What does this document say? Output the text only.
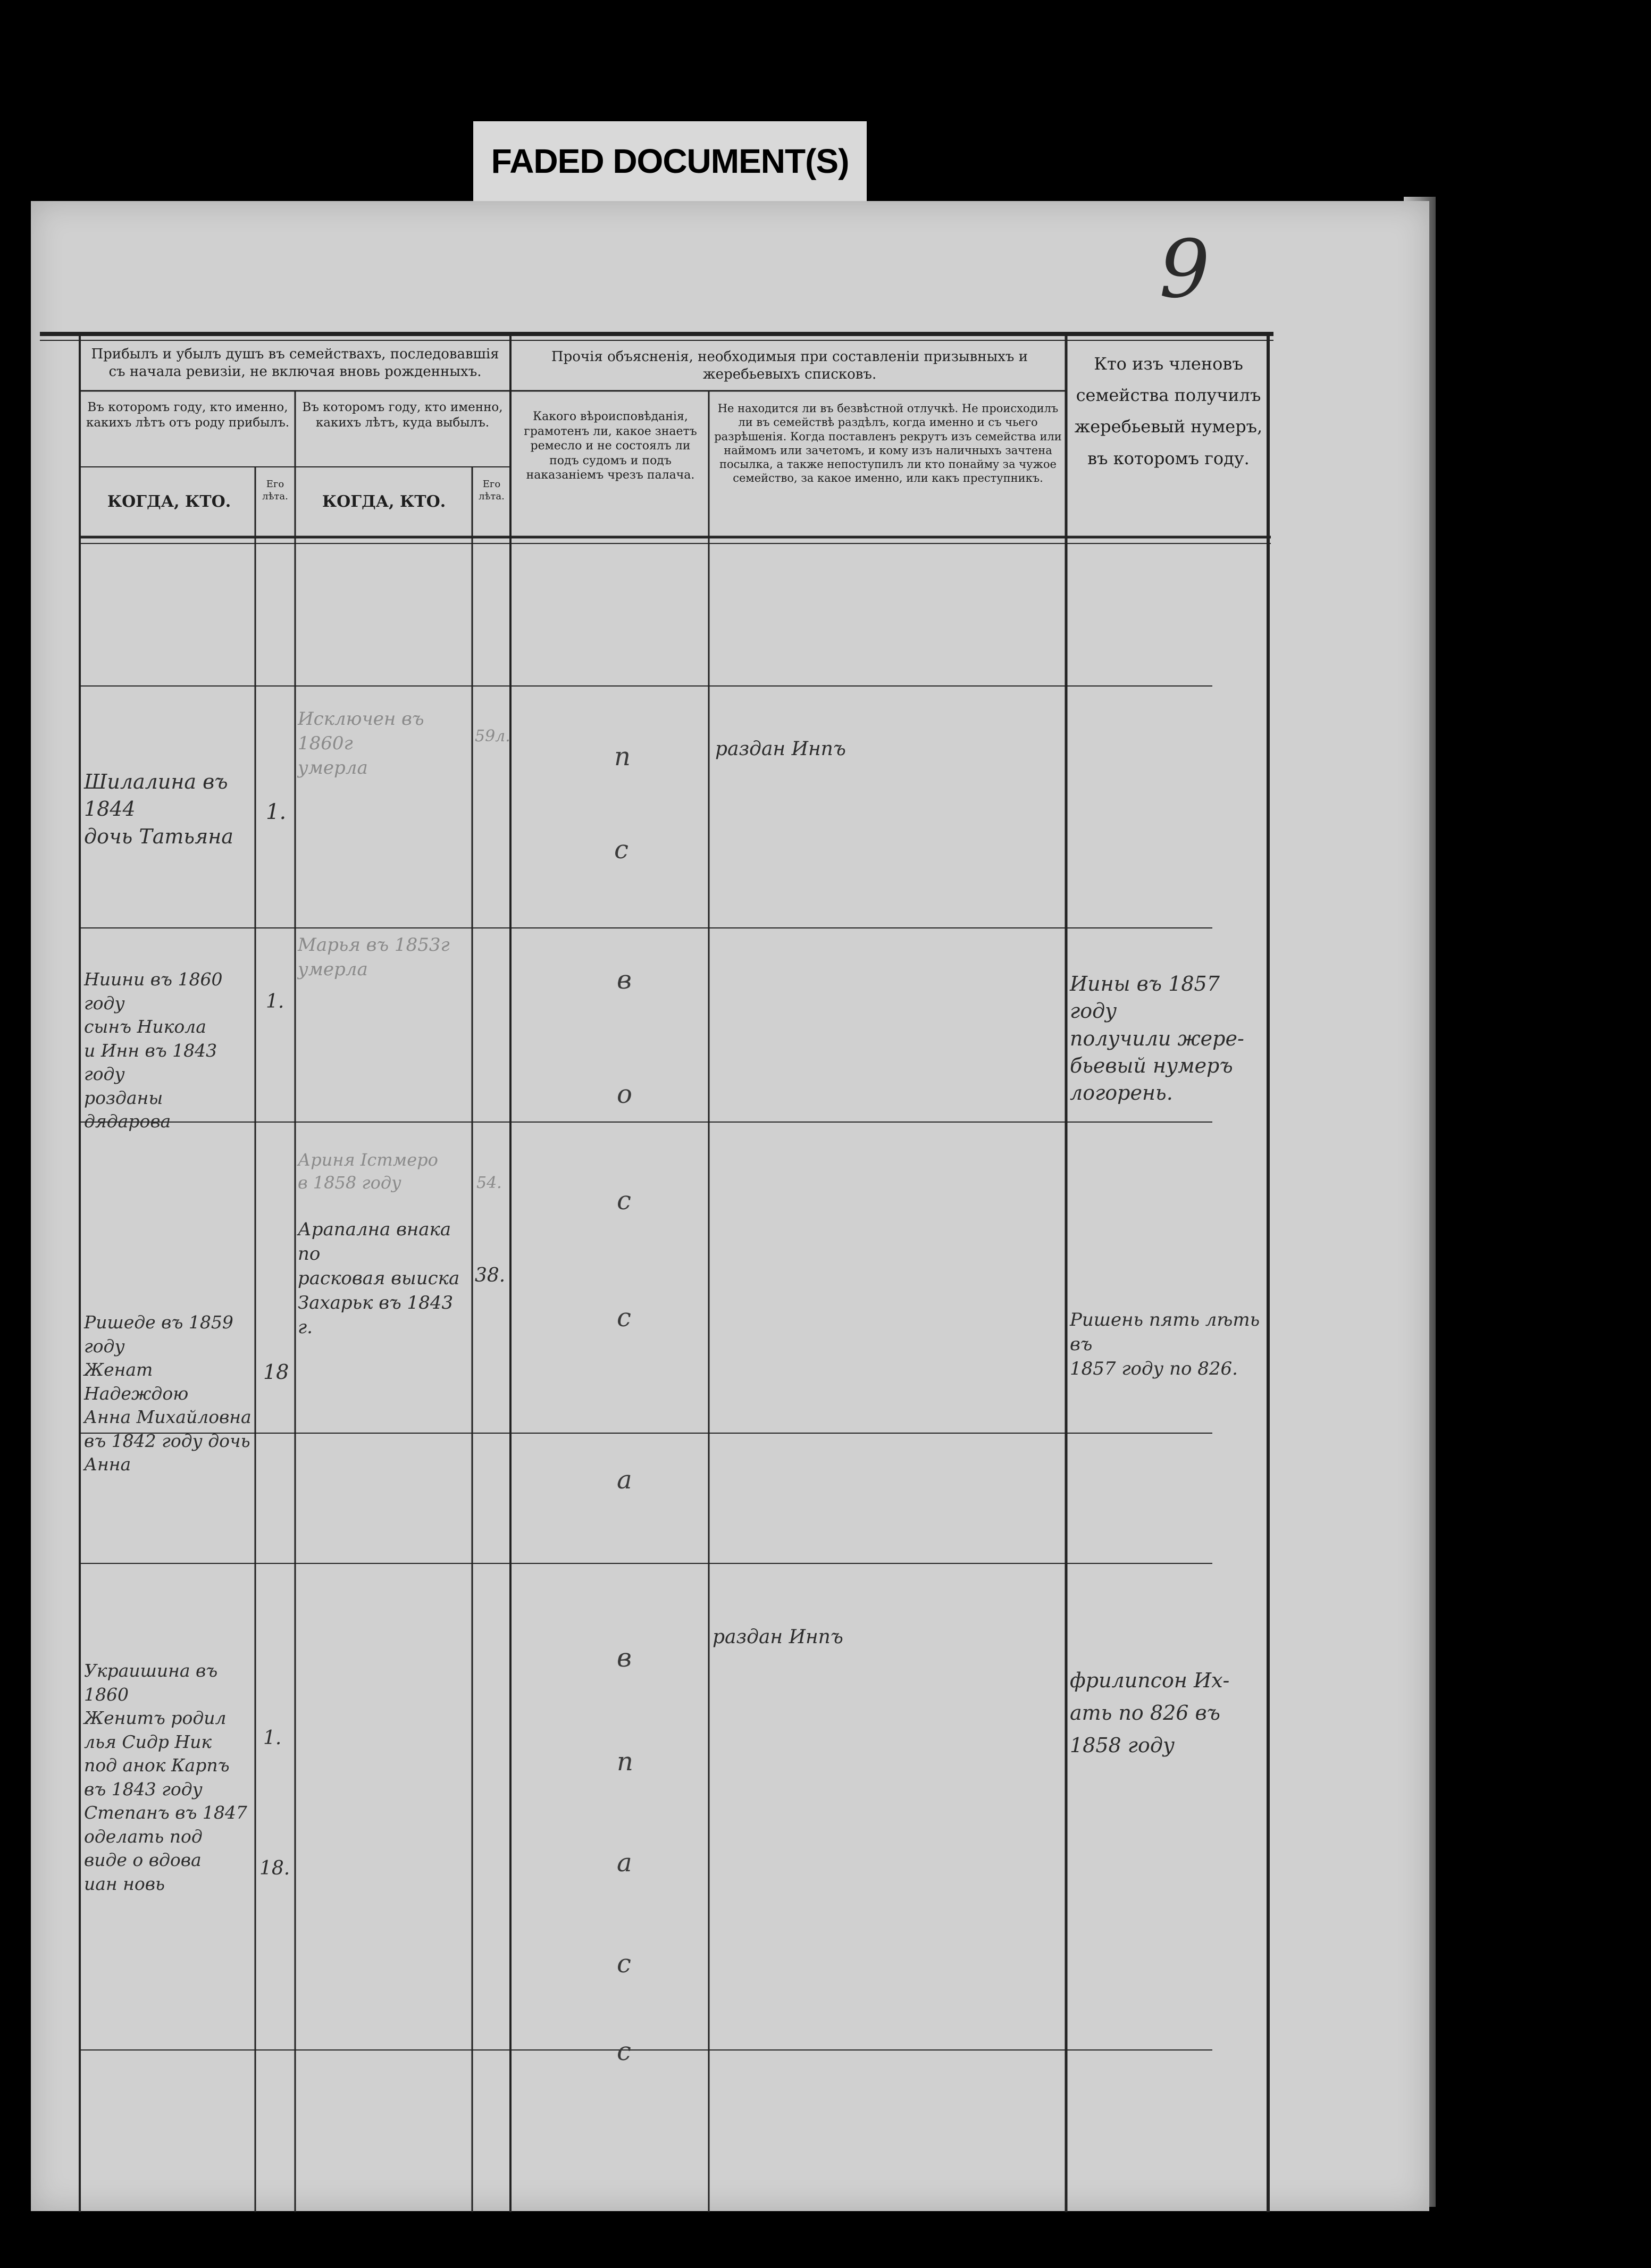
FADED DOCUMENT(S)
9
Прибылъ и убылъ душъ въ семействахъ, последовавшія съ начала ревизіи, не включая вновь рожденныхъ.
Въ которомъ году, кто именно, какихъ лѣтъ отъ роду прибылъ.
Въ которомъ году, кто именно, какихъ лѣтъ, куда выбылъ.
КОГДА, КТО.
Его лѣта.	КОГДА, КТО.
Его лѣта.
Прочія объясненія, необходимыя при составленіи призывныхъ и жеребьевыхъ списковъ.
Какого вѣроисповѣданія, грамотенъ ли, какое знаетъ ремесло и не состоялъ ли подъ судомъ и подъ наказаніемъ чрезъ палача.
Не находится ли въ безвѣстной отлучкѣ. Не происходилъ ли въ семействѣ раздѣлъ, когда именно и съ чьего разрѣшенія. Когда поставленъ рекрутъ изъ семейства или наймомъ или зачетомъ, и кому изъ наличныхъ зачтена посылка, а также непоступилъ ли кто понаймy за чужое семейство, за какое именно, или какъ преступникъ.
Кто изъ членовъ семейства получилъ жеребьевый нумеръ, въ которомъ году.
Исключен въ 1860г
умерла
59л.
раздан Инпъ
Шилалина въ 1844
дочь Татьяна
1.
Марья въ 1853г
умерла
Ниини въ 1860 году
сынъ Никола
и Инн въ 1843 году
розданы дядарова
1.
Иины въ 1857 году
получили жере-
бьевый нумеръ
логорень.
Ариня Істмеро
в 1858 году	54.
Арапална внака по
расковая выиска
Захарьк въ 1843 г.
38.
Ришеде въ 1859 году
Женат Надеждою
Анна Михайловна
въ 1842 году дочь
Анна
18
Ришень пять лѣть въ
1857 году по 826.
раздан Инпъ
Украишина въ 1860
Женитъ родил
лья Сидр Ник
под анок Карпъ
въ 1843 году
Степанъ въ 1847
оделать под
виде о вдова
иан новь
1.
18.
фрилипсон Их-
ать по 826 въ
1858 году
п
с
в
о
с
с
а
в
п
а
с
с
